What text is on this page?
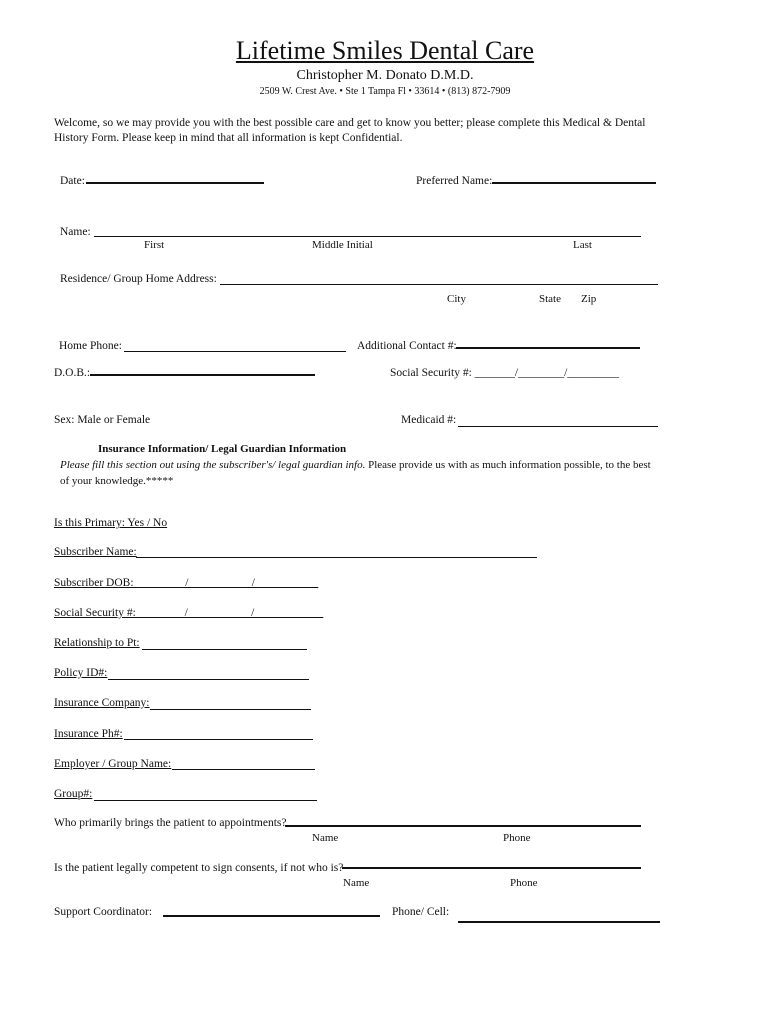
Lifetime Smiles Dental Care
Christopher M. Donato D.M.D.
2509 W. Crest Ave. • Ste 1 Tampa Fl • 33614 • (813) 872-7909
Welcome, so we may provide you with the best possible care and get to know you better; please complete this Medical & Dental History Form. Please keep in mind that all information is kept Confidential.
Date:	Preferred Name:
Name:
First	Middle Initial	Last
Residence/ Group Home Address:
City	State Zip
Home Phone:	Additional Contact #:
D.O.B.:	Social Security #: _______/________/_________
Sex: Male or Female	Medicaid #:
Insurance Information/ Legal Guardian Information
Please fill this section out using the subscriber's/ legal guardian info. Please provide us with as much information possible, to the best of your knowledge.*****
Is this Primary: Yes / No
Subscriber Name:
Subscriber DOB:_________/___________/___________
Social Security #: ________/___________/____________
Relationship to Pt:
Policy ID#:
Insurance Company:
Insurance Ph#:
Employer / Group Name:
Group#:
Who primarily brings the patient to appointments?
Name	Phone
Is the patient legally competent to sign consents, if not who is?
Name	Phone
Support Coordinator:	Phone/ Cell:
